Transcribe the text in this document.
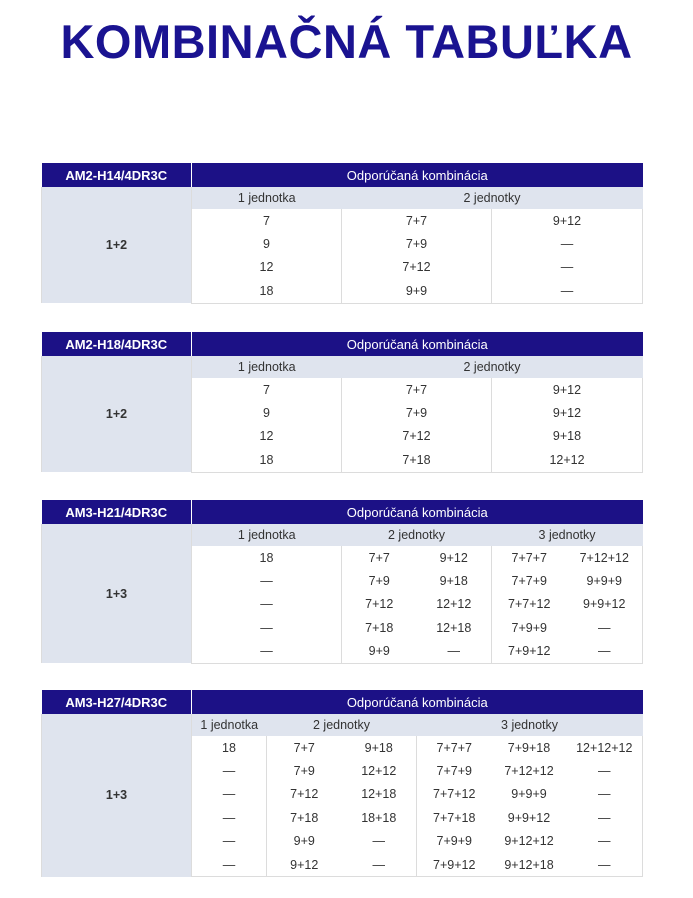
KOMBINAČNÁ TABUĽKA
AM2-H14/4DR3C	Odporúčaná kombinácia		
1+2	1 jednotka	2 jednotky	
	7	7+7	9+12
	9	7+9	—
	12	7+12	—
	18	9+9	—
AM2-H18/4DR3C	Odporúčaná kombinácia		
1+2	1 jednotka	2 jednotky	
	7	7+7	9+12
	9	7+9	9+12
	12	7+12	9+18
	18	7+18	12+12
AM3-H21/4DR3C	Odporúčaná kombinácia				
1+3	1 jednotka	2 jednotky		3 jednotky	
	18	7+7	9+12	7+7+7	7+12+12
	—	7+9	9+18	7+7+9	9+9+9
	—	7+12	12+12	7+7+12	9+9+12
	—	7+18	12+18	7+9+9	—
	—	9+9	—	7+9+12	—
AM3-H27/4DR3C	Odporúčaná kombinácia					
1+3	1 jednotka	2 jednotky		3 jednotky		
	18	7+7	9+18	7+7+7	7+9+18	12+12+12
	—	7+9	12+12	7+7+9	7+12+12	—
	—	7+12	12+18	7+7+12	9+9+9	—
	—	7+18	18+18	7+7+18	9+9+12	—
	—	9+9	—	7+9+9	9+12+12	—
	—	9+12	—	7+9+12	9+12+18	—
